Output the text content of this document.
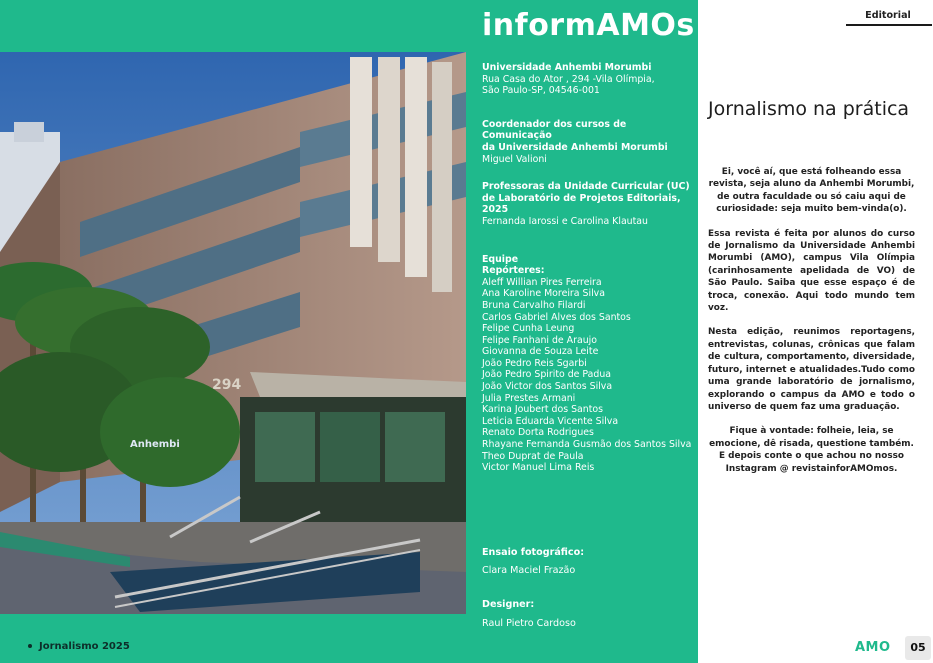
294
Anhembi
Jornalismo 2025
informAMOs
Universidade Anhembi Morumbi
Rua Casa do Ator , 294 -Vila Olímpia,
São Paulo-SP, 04546-001
Coordenador dos cursos de Comunicação
da Universidade Anhembi Morumbi
Miguel Valioni
Professoras da Unidade Curricular (UC)
de Laboratório de Projetos Editoriais,
2025
Fernanda Iarossi e Carolina Klautau
Equipe
Repórteres:
Aleff Willian Pires Ferreira
Ana Karoline Moreira Silva
Bruna Carvalho Filardi
Carlos Gabriel Alves dos Santos
Felipe Cunha Leung
Felipe Fanhani de Araujo
Giovanna de Souza Leite
João Pedro Reis Sgarbi
João Pedro Spirito de Padua
João Victor dos Santos Silva
Julia Prestes Armani
Karina Joubert dos Santos
Leticia Eduarda Vicente Silva
Renato Dorta Rodrigues
Rhayane Fernanda Gusmão dos Santos Silva
Theo Duprat de Paula
Victor Manuel Lima Reis
Ensaio fotográfico:
Clara Maciel Frazão
Designer:
Raul Pietro Cardoso
Editorial
Jornalismo na prática

Ei, você aí, que está folheando essa revista, seja aluno da Anhembi Morumbi, de outra faculdade ou só caiu aqui de curiosidade: seja muito bem-vinda(o).

Essa revista é feita por alunos do curso de Jornalismo da Universidade Anhembi Morumbi (AMO), campus Vila Olímpia (carinhosamente apelidada de VO) de São Paulo. Saiba que esse espaço é de troca, conexão. Aqui todo mundo tem voz.

Nesta edição, reunimos reportagens, entrevistas, colunas, crônicas que falam de cultura, comportamento, diversidade, futuro, internet e atualidades.Tudo como uma grande laboratório de jornalismo, explorando o campus da AMO e todo o universo de quem faz uma graduação.

Fique à vontade: folheie, leia, se emocione, dê risada, questione também. E depois conte o que achou no nosso Instagram @ revistainforAMOmos.

AMO	05
